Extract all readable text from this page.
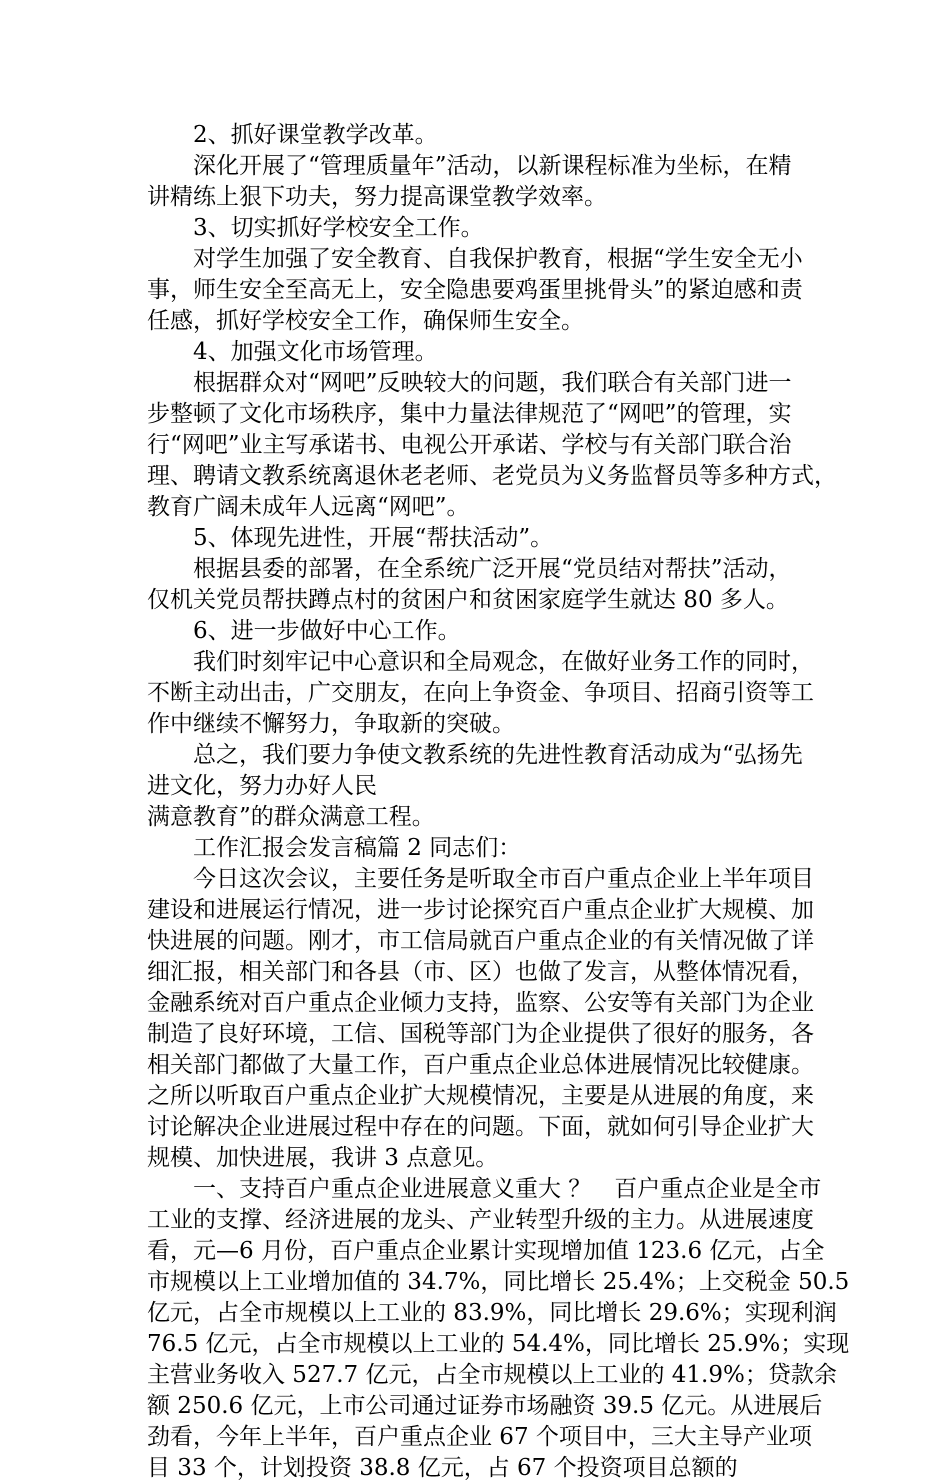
　　2、抓好课堂教学改革。

　　深化开展了“管理质量年”活动，以新课程标准为坐标，在精

讲精练上狠下功夫，努力提高课堂教学效率。

　　3、切实抓好学校安全工作。

　　对学生加强了安全教育、自我保护教育，根据“学生安全无小

事，师生安全至高无上，安全隐患要鸡蛋里挑骨头”的紧迫感和责

任感，抓好学校安全工作，确保师生安全。

　　4、加强文化市场管理。

　　根据群众对“网吧”反映较大的问题，我们联合有关部门进一

步整顿了文化市场秩序，集中力量法律规范了“网吧”的管理，实

行“网吧”业主写承诺书、电视公开承诺、学校与有关部门联合治

理、聘请文教系统离退休老老师、老党员为义务监督员等多种方式，

教育广阔未成年人远离“网吧”。

　　5、体现先进性，开展“帮扶活动”。

　　根据县委的部署，在全系统广泛开展“党员结对帮扶”活动，

仅机关党员帮扶蹲点村的贫困户和贫困家庭学生就达 80 多人。

　　6、进一步做好中心工作。

　　我们时刻牢记中心意识和全局观念，在做好业务工作的同时，

不断主动出击，广交朋友，在向上争资金、争项目、招商引资等工

作中继续不懈努力，争取新的突破。

　　总之，我们要力争使文教系统的先进性教育活动成为“弘扬先

进文化，努力办好人民

满意教育”的群众满意工程。

　　工作汇报会发言稿篇 2 同志们：

　　今日这次会议，主要任务是听取全市百户重点企业上半年项目

建设和进展运行情况，进一步讨论探究百户重点企业扩大规模、加

快进展的问题。刚才，市工信局就百户重点企业的有关情况做了详

细汇报，相关部门和各县（市、区）也做了发言，从整体情况看，

金融系统对百户重点企业倾力支持，监察、公安等有关部门为企业

制造了良好环境，工信、国税等部门为企业提供了很好的服务，各

相关部门都做了大量工作，百户重点企业总体进展情况比较健康。

之所以听取百户重点企业扩大规模情况，主要是从进展的角度，来

讨论解决企业进展过程中存在的问题。下面，就如何引导企业扩大

规模、加快进展，我讲 3 点意见。

　　一、支持百户重点企业进展意义重大 ？　百户重点企业是全市

工业的支撑、经济进展的龙头、产业转型升级的主力。从进展速度

看，元—6 月份，百户重点企业累计实现增加值 123.6 亿元，占全

市规模以上工业增加值的 34.7%，同比增长 25.4%；上交税金 50.5

亿元，占全市规模以上工业的 83.9%，同比增长 29.6%；实现利润

76.5 亿元，占全市规模以上工业的 54.4%，同比增长 25.9%；实现

主营业务收入 527.7 亿元，占全市规模以上工业的 41.9%；贷款余

额 250.6 亿元，上市公司通过证券市场融资 39.5 亿元。从进展后

劲看，今年上半年，百户重点企业 67 个项目中，三大主导产业项

目 33 个，计划投资 38.8 亿元，占 67 个投资项目总额的
